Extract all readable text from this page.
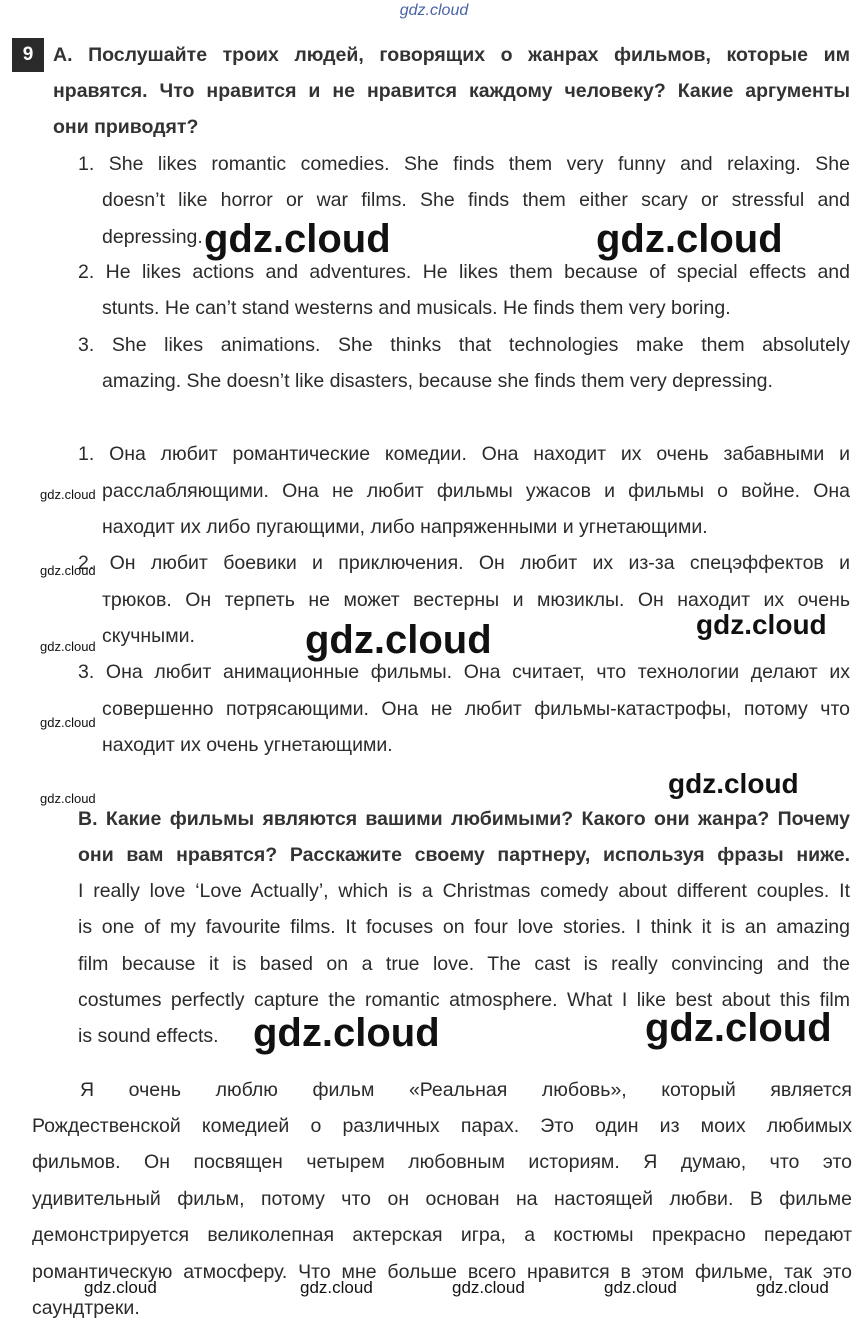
gdz.cloud
9	A. Послушайте троих людей, говорящих о жанрах фильмов, которые им
нравятся. Что нравится и не нравится каждому человеку? Какие аргументы
они приводят?
1. She likes romantic comedies. She finds them very funny and relaxing. She
doesn’t like horror or war films. She finds them either scary or stressful and
depressing.
2. He likes actions and adventures. He likes them because of special effects and
stunts. He can’t stand westerns and musicals. He finds them very boring.
3. She likes animations. She thinks that technologies make them absolutely
amazing. She doesn’t like disasters, because she finds them very depressing.
1. Она любит романтические комедии. Она находит их очень забавными и
расслабляющими. Она не любит фильмы ужасов и фильмы о войне. Она
находит их либо пугающими, либо напряженными и угнетающими.
2. Он любит боевики и приключения. Он любит их из-за спецэффектов и
трюков. Он терпеть не может вестерны и мюзиклы. Он находит их очень
скучными.
3. Она любит анимационные фильмы. Она считает, что технологии делают их
совершенно потрясающими. Она не любит фильмы-катастрофы, потому что
находит их очень угнетающими.
B. Какие фильмы являются вашими любимыми? Какого они жанра? Почему
они вам нравятся? Расскажите своему партнеру, используя фразы ниже.
I really love ‘Love Actually’, which is a Christmas comedy about different couples. It
is one of my favourite films. It focuses on four love stories. I think it is an amazing
film because it is based on a true love. The cast is really convincing and the
costumes perfectly capture the romantic atmosphere. What I like best about this film
is sound effects.
Я очень люблю фильм «Реальная любовь», который является
Рождественской комедией о различных парах. Это один из моих любимых
фильмов. Он посвящен четырем любовным историям. Я думаю, что это
удивительный фильм, потому что он основан на настоящей любви. В фильме
демонстрируется великолепная актерская игра, а костюмы прекрасно передают
романтическую атмосферу. Что мне больше всего нравится в этом фильме, так это
саундтреки.
gdz.cloud	gdz.cloud
gdz.cloud
gdz.cloud	gdz.cloud
gdz.cloud
gdz.cloud
gdz.cloud
gdz.cloud
gdz.cloud
gdz.cloud
gdz.cloud
gdz.cloud	gdz.cloud	gdz.cloud	gdz.cloud	gdz.cloud
